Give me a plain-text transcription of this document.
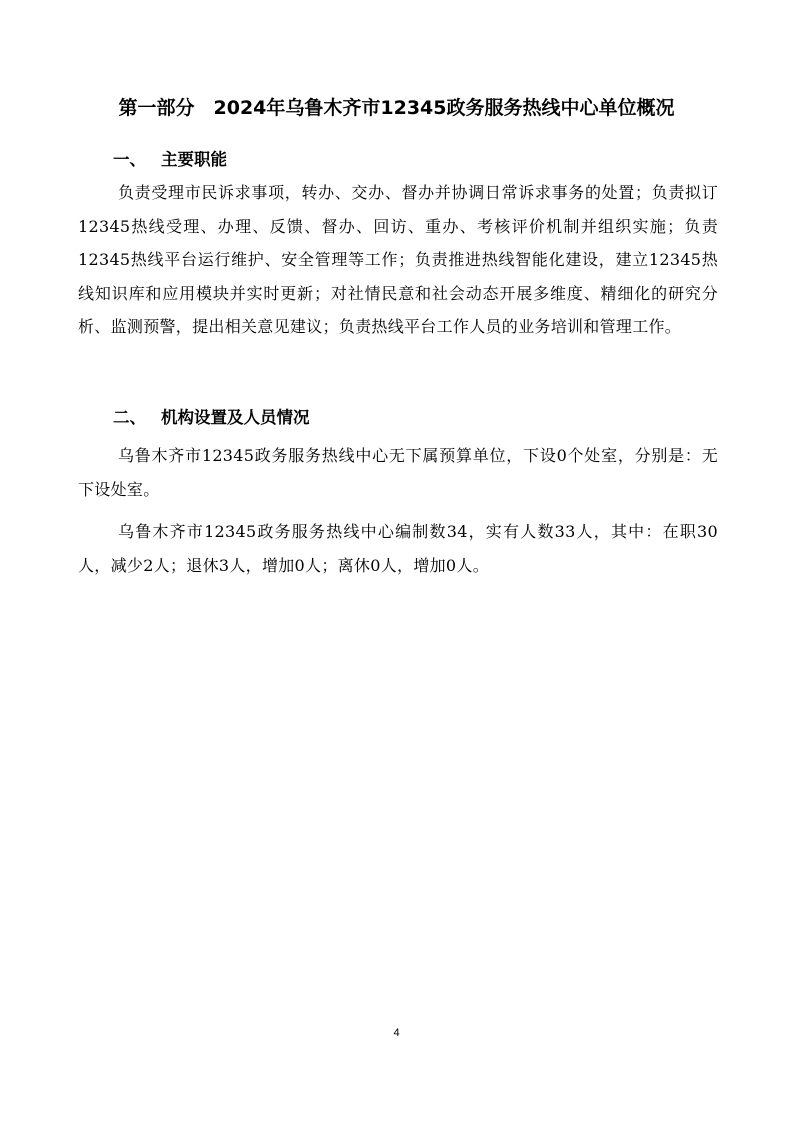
第一部分　2024年乌鲁木齐市12345政务服务热线中心单位概况
一、 主要职能
负责受理市民诉求事项，转办、交办、督办并协调日常诉求事务的处置；负责拟订12345热线受理、办理、反馈、督办、回访、重办、考核评价机制并组织实施；负责12345热线平台运行维护、安全管理等工作；负责推进热线智能化建设，建立12345热线知识库和应用模块并实时更新；对社情民意和社会动态开展多维度、精细化的研究分析、监测预警，提出相关意见建议；负责热线平台工作人员的业务培训和管理工作。
二、 机构设置及人员情况
乌鲁木齐市12345政务服务热线中心无下属预算单位，下设0个处室，分别是：无下设处室。
乌鲁木齐市12345政务服务热线中心编制数34，实有人数33人，其中：在职30人，减少2人；退休3人，增加0人；离休0人，增加0人。
4
